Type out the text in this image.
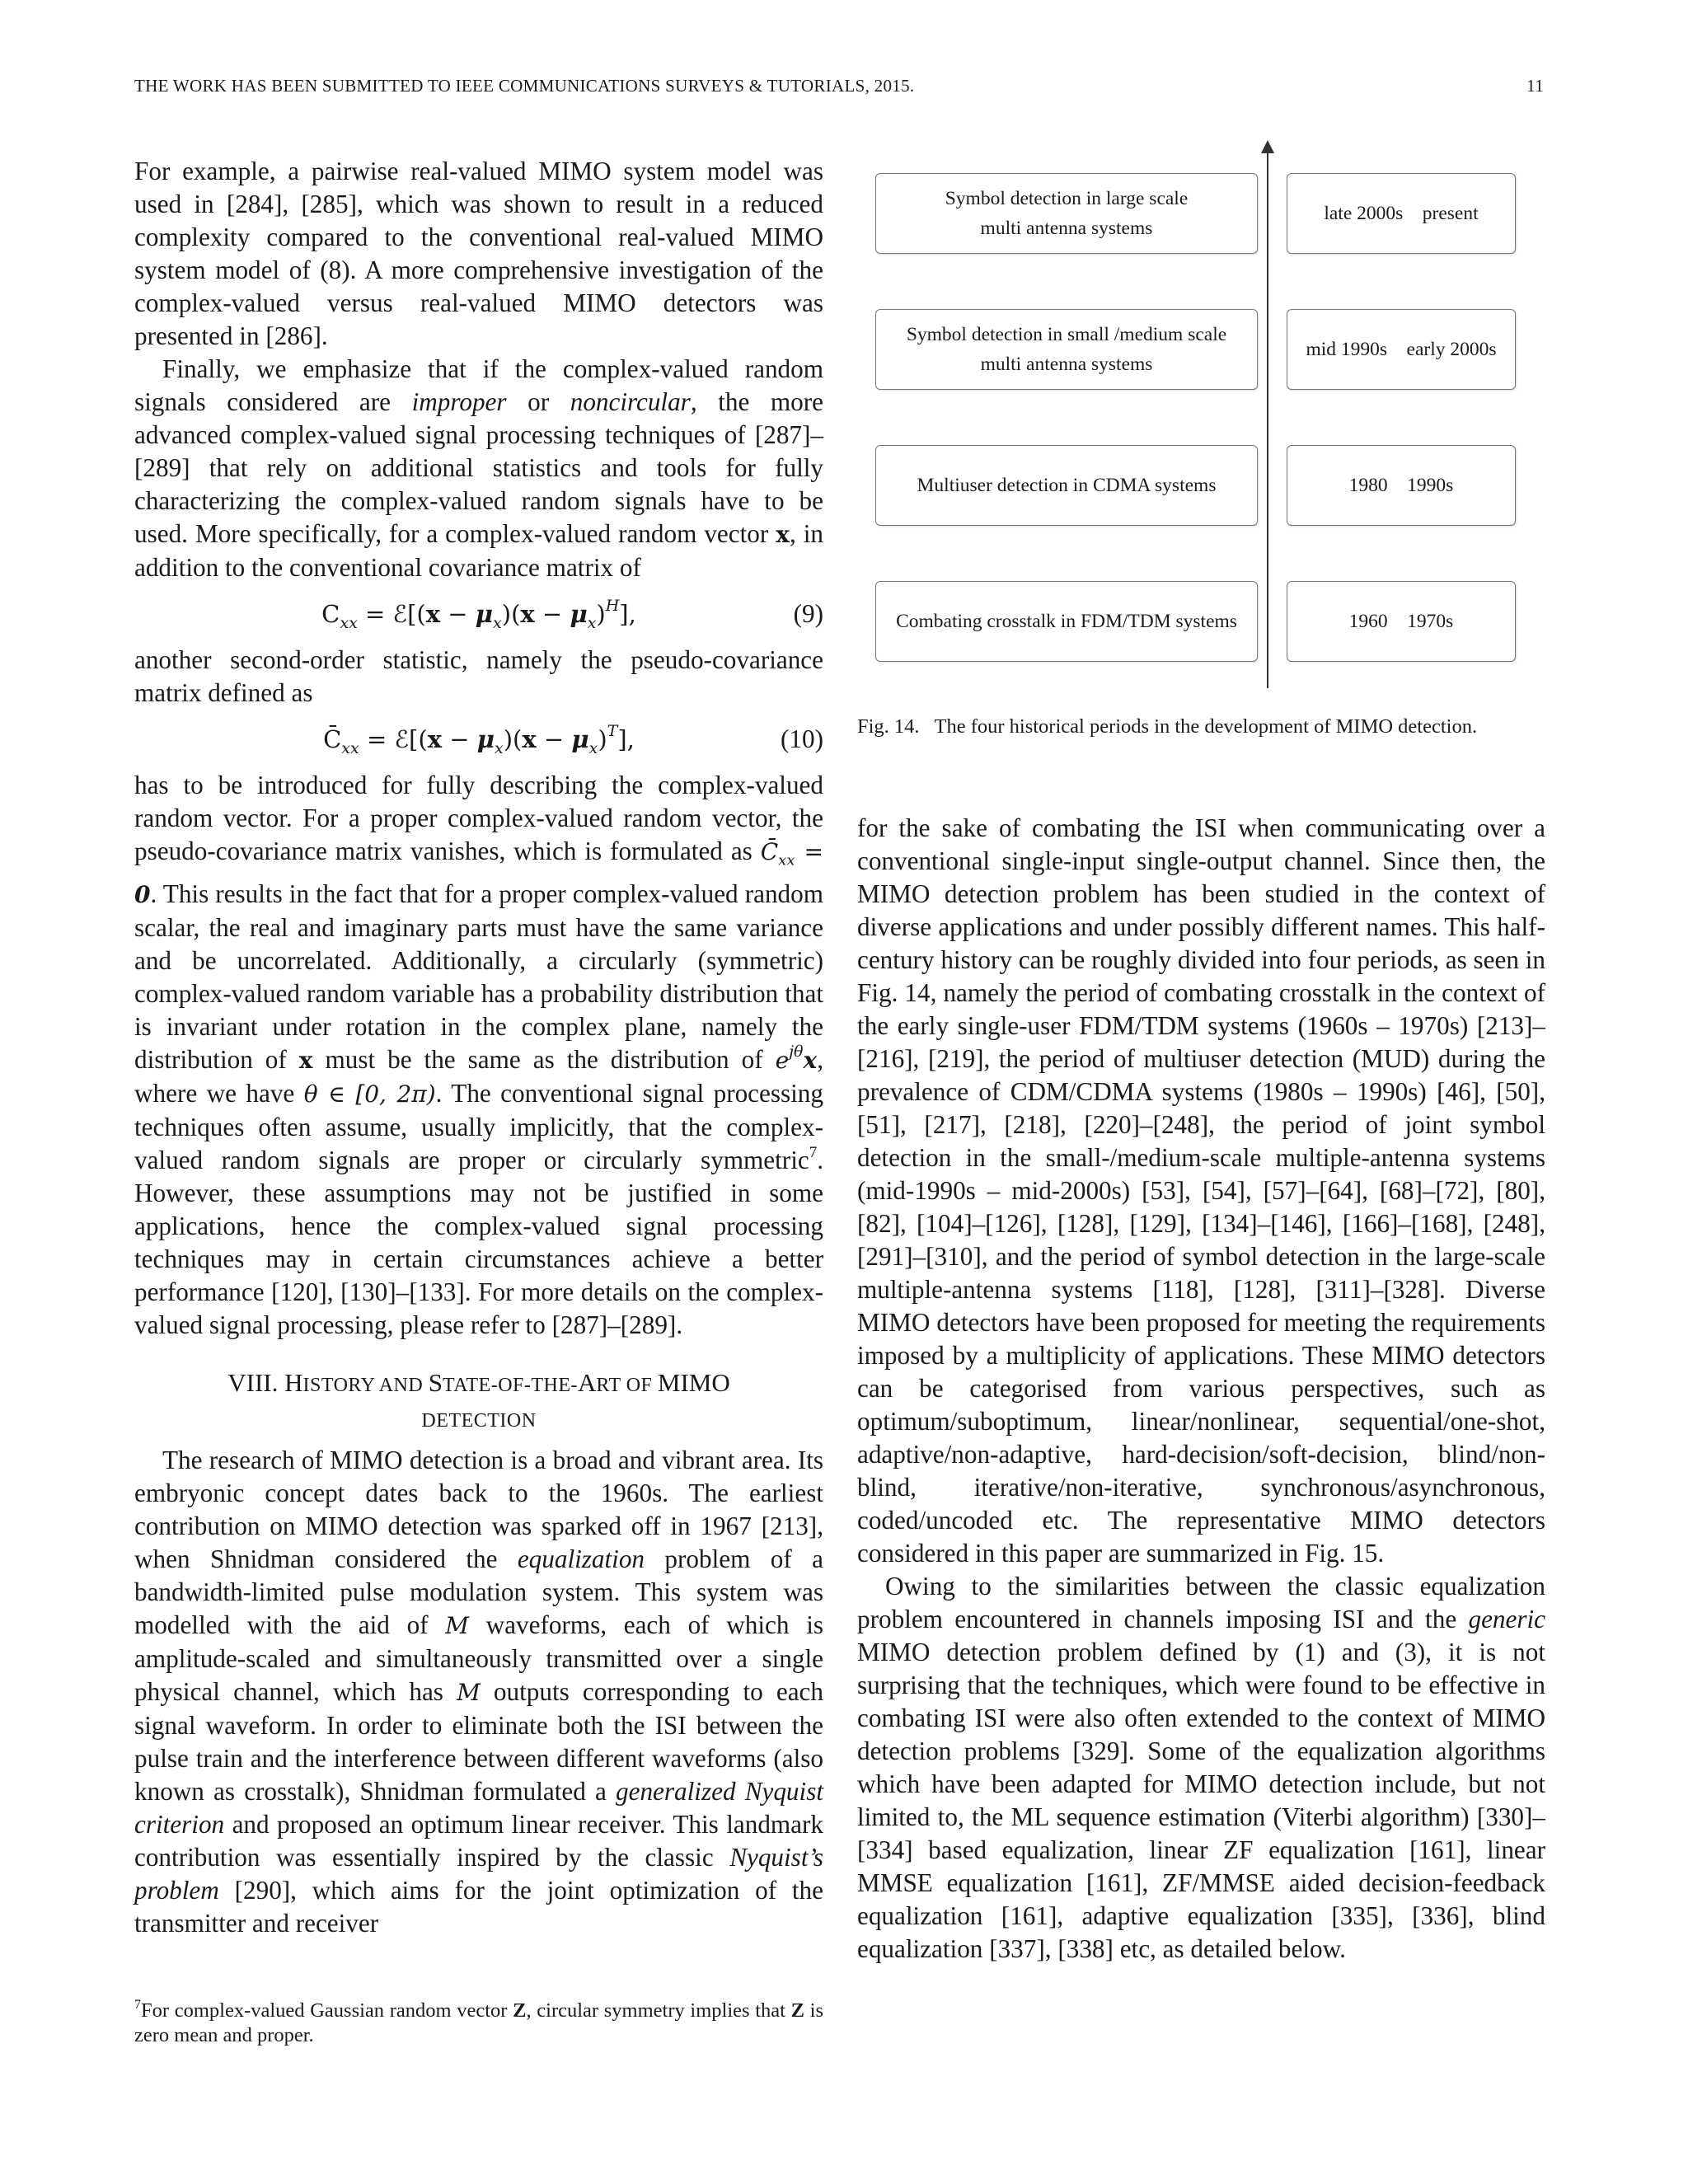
THE WORK HAS BEEN SUBMITTED TO IEEE COMMUNICATIONS SURVEYS & TUTORIALS, 2015.	11

For example, a pairwise real-valued MIMO system model was used in [284], [285], which was shown to result in a reduced complexity compared to the conventional real-valued MIMO system model of (8). A more comprehensive investigation of the complex-valued versus real-valued MIMO detectors was presented in [286].

Finally, we emphasize that if the complex-valued random signals considered are improper or noncircular, the more advanced complex-valued signal processing techniques of [287]–[289] that rely on additional statistics and tools for fully characterizing the complex-valued random signals have to be used. More specifically, for a complex-valued random vector x, in addition to the conventional covariance matrix of

$C_{xx}$ = ℰ[(x − $\mu_x)(x - \mu_x)^H$],	(9)

another second-order statistic, namely the pseudo-covariance matrix defined as

$C̄_{xx}$ = ℰ[(x − $\mu_x)(x - \mu_x)^T$],	(10)

has to be introduced for fully describing the complex-valued random vector. For a proper complex-valued random vector, the pseudo-covariance matrix vanishes, which is formulated as $C̄_{xx} = 0$. This results in the fact that for a proper complex-valued random scalar, the real and imaginary parts must have the same variance and be uncorrelated. Additionally, a circularly (symmetric) complex-valued random variable has a probability distribution that is invariant under rotation in the complex plane, namely the distribution of x must be the same as the distribution of $e^{j\theta}x$, where we have θ ∈ [0, 2π). The conventional signal processing techniques often assume, usually implicitly, that the complex-valued random signals are proper or circularly symmetric$^7$. However, these assumptions may not be justified in some applications, hence the complex-valued signal processing techniques may in certain circumstances achieve a better performance [120], [130]–[133]. For more details on the complex-valued signal processing, please refer to [287]–[289].

VIII. HISTORY AND STATE-OF-THE-ART OF MIMO
DETECTION

The research of MIMO detection is a broad and vibrant area. Its embryonic concept dates back to the 1960s. The earliest contribution on MIMO detection was sparked off in 1967 [213], when Shnidman considered the equalization problem of a bandwidth-limited pulse modulation system. This system was modelled with the aid of M waveforms, each of which is amplitude-scaled and simultaneously transmitted over a single physical channel, which has M outputs corresponding to each signal waveform. In order to eliminate both the ISI between the pulse train and the interference between different waveforms (also known as crosstalk), Shnidman formulated a generalized Nyquist criterion and proposed an optimum linear receiver. This landmark contribution was essentially inspired by the classic Nyquist’s problem [290], which aims for the joint optimization of the transmitter and receiver

$^7$For complex-valued Gaussian random vector Z, circular symmetry implies that Z is zero mean and proper.
Symbol detection in large scale
multi antenna systems
late 2000s    present
Symbol detection in small /medium scale
multi antenna systems
mid 1990s    early 2000s
Multiuser detection in CDMA systems	1980    1990s
Combating crosstalk in FDM/TDM systems	1960    1970s
Fig. 14.   The four historical periods in the development of MIMO detection.

for the sake of combating the ISI when communicating over a conventional single-input single-output channel. Since then, the MIMO detection problem has been studied in the context of diverse applications and under possibly different names. This half-century history can be roughly divided into four periods, as seen in Fig. 14, namely the period of combating crosstalk in the context of the early single-user FDM/TDM systems (1960s – 1970s) [213]–[216], [219], the period of multiuser detection (MUD) during the prevalence of CDM/CDMA systems (1980s – 1990s) [46], [50], [51], [217], [218], [220]–[248], the period of joint symbol detection in the small-/medium-scale multiple-antenna systems (mid-1990s – mid-2000s) [53], [54], [57]–[64], [68]–[72], [80], [82], [104]–[126], [128], [129], [134]–[146], [166]–[168], [248], [291]–[310], and the period of symbol detection in the large-scale multiple-antenna systems [118], [128], [311]–[328]. Diverse MIMO detectors have been proposed for meeting the requirements imposed by a multiplicity of applications. These MIMO detectors can be categorised from various perspectives, such as optimum/suboptimum, linear/nonlinear, sequential/one-shot, adaptive/non-adaptive, hard-decision/soft-decision, blind/non-blind, iterative/non-iterative, synchronous/asynchronous, coded/uncoded etc. The representative MIMO detectors considered in this paper are summarized in Fig. 15.

Owing to the similarities between the classic equalization problem encountered in channels imposing ISI and the generic MIMO detection problem defined by (1) and (3), it is not surprising that the techniques, which were found to be effective in combating ISI were also often extended to the context of MIMO detection problems [329]. Some of the equalization algorithms which have been adapted for MIMO detection include, but not limited to, the ML sequence estimation (Viterbi algorithm) [330]–[334] based equalization, linear ZF equalization [161], linear MMSE equalization [161], ZF/MMSE aided decision-feedback equalization [161], adaptive equalization [335], [336], blind equalization [337], [338] etc, as detailed below.
